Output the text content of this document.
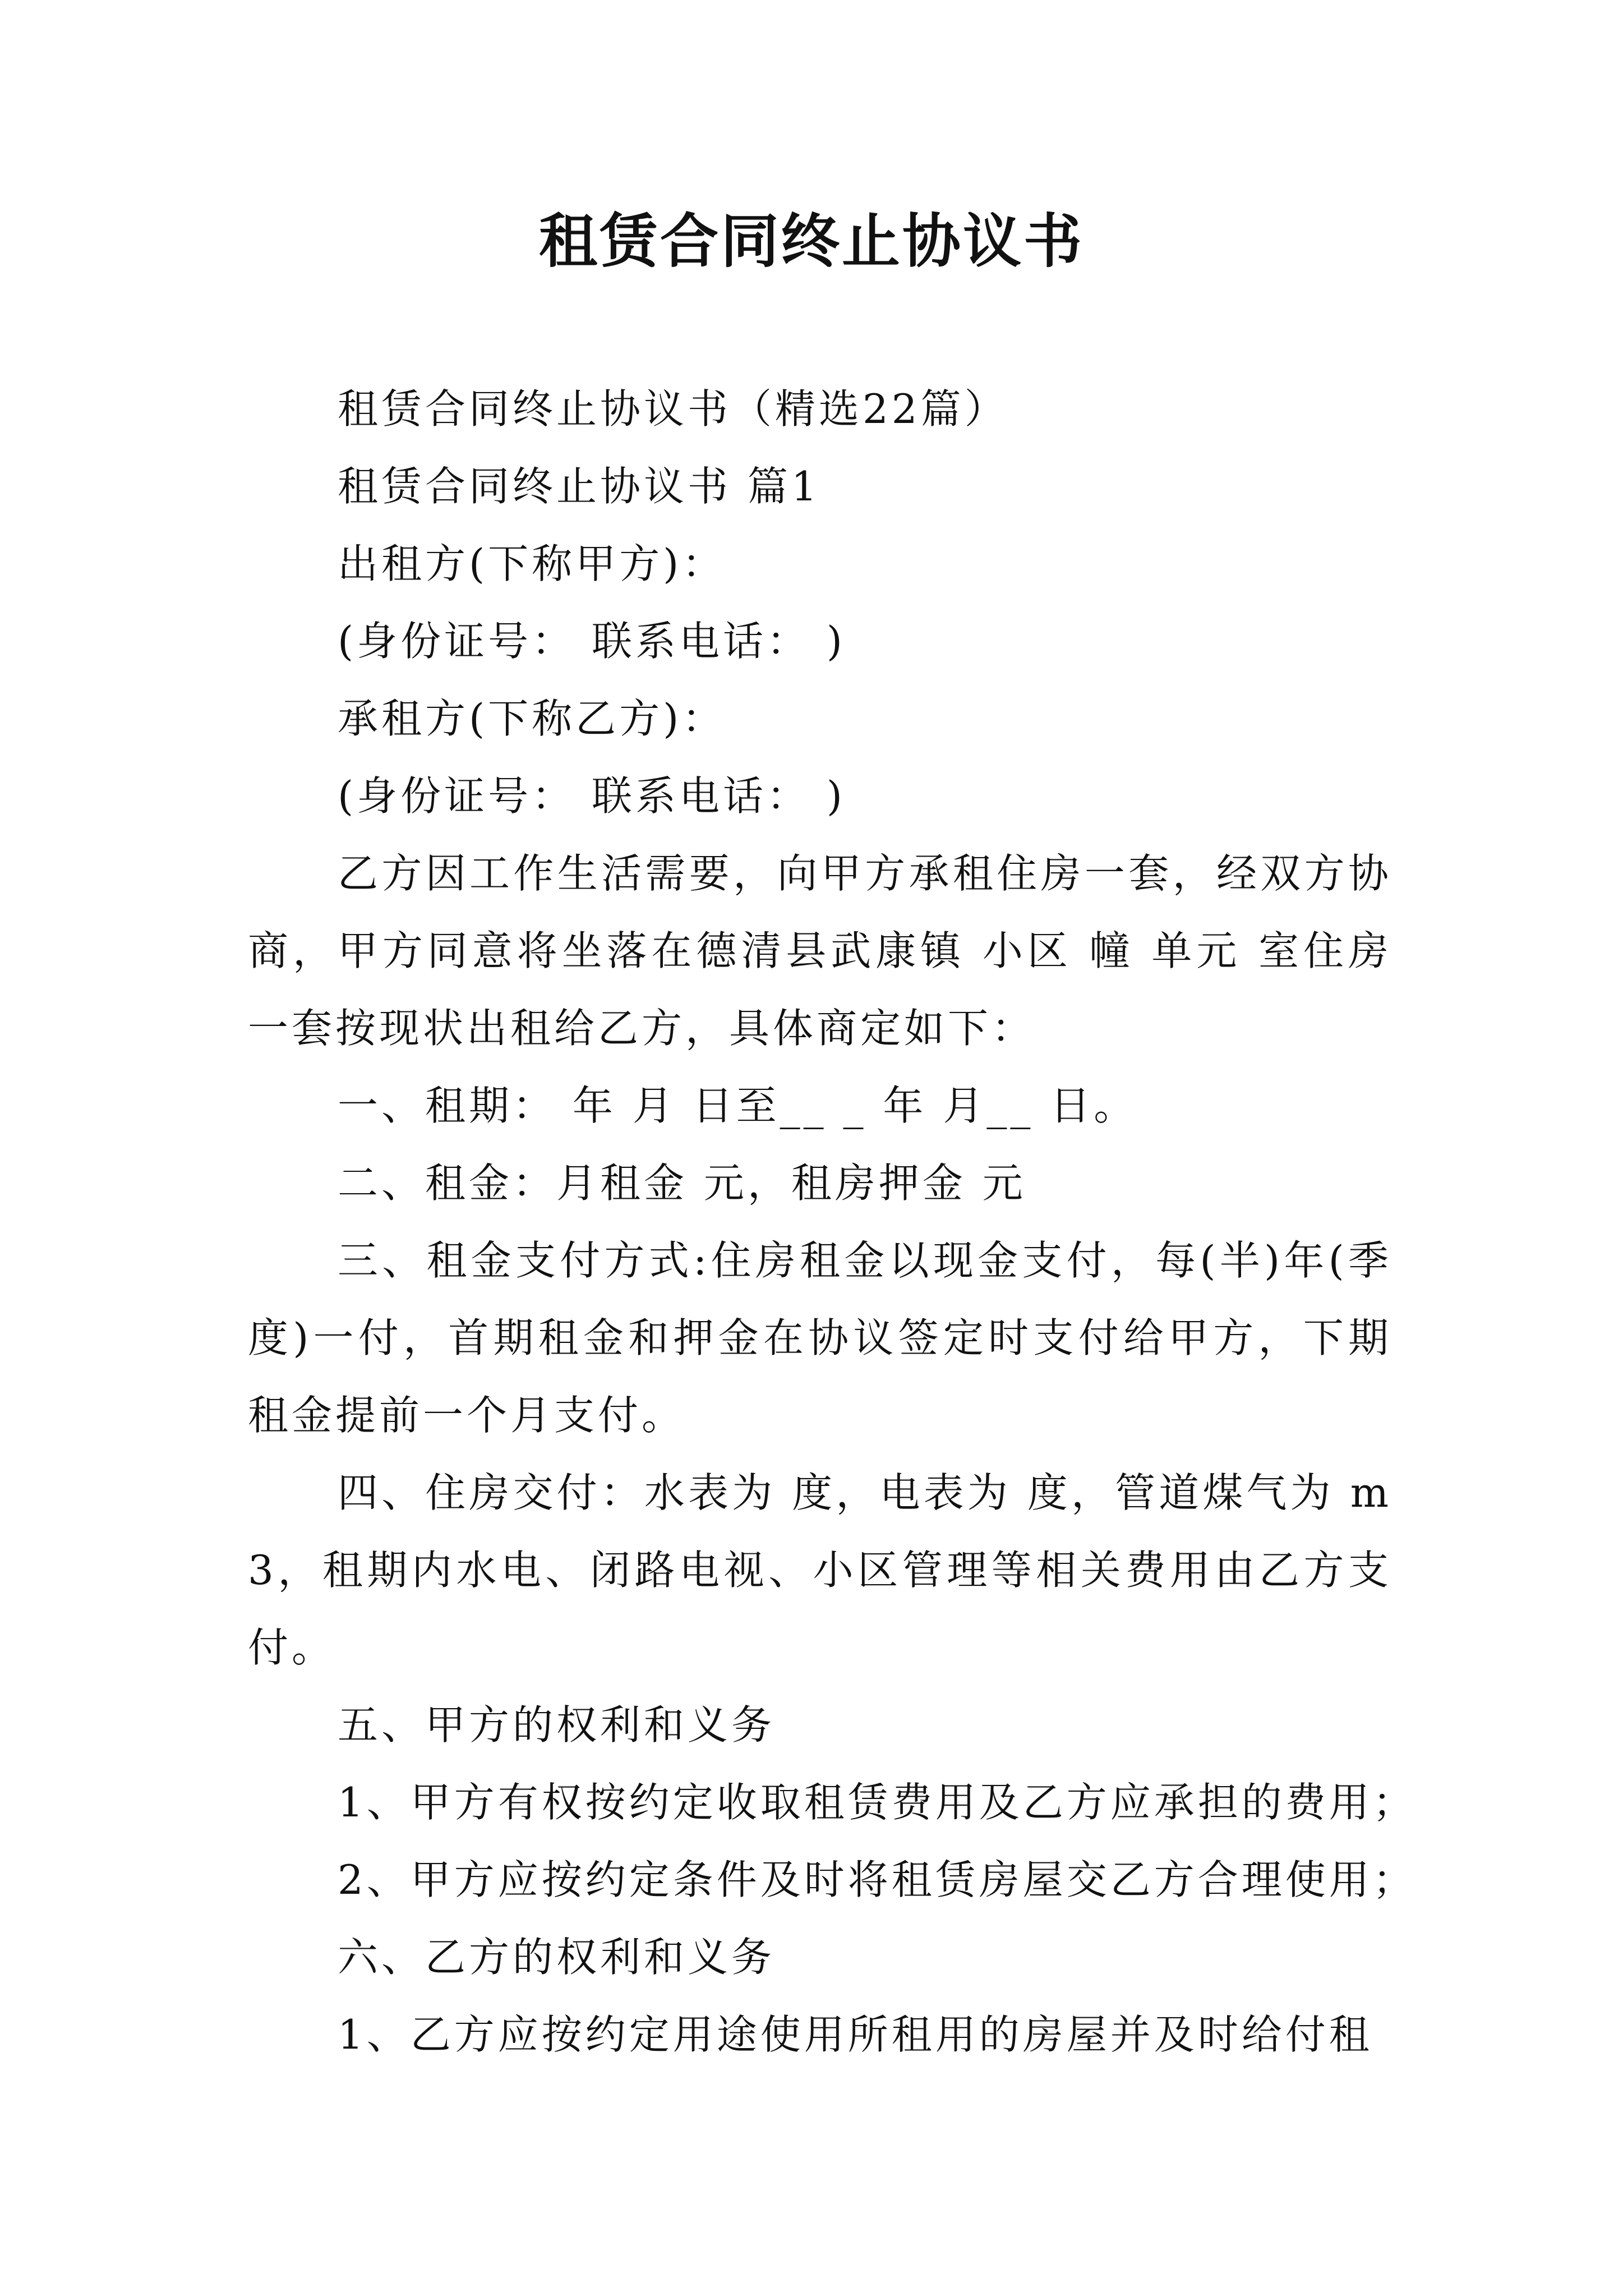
租赁合同终止协议书

租赁合同终止协议书（精选22篇）

租赁合同终止协议书 篇1

出租方(下称甲方)：

(身份证号： 联系电话： )

承租方(下称乙方)：

(身份证号： 联系电话： )

乙方因工作生活需要，向甲方承租住房一套，经双方协商，甲方同意将坐落在德清县武康镇 小区 幢 单元 室住房一套按现状出租给乙方，具体商定如下：

一、租期： 年 月 日至__ _ 年 月__ 日。

二、租金：月租金 元，租房押金 元

三、租金支付方式:住房租金以现金支付，每(半)年(季度)一付，首期租金和押金在协议签定时支付给甲方，下期租金提前一个月支付。

四、住房交付：水表为 度，电表为 度，管道煤气为 m3，租期内水电、闭路电视、小区管理等相关费用由乙方支付。

五、甲方的权利和义务

1、甲方有权按约定收取租赁费用及乙方应承担的费用；

2、甲方应按约定条件及时将租赁房屋交乙方合理使用；

六、乙方的权利和义务

1、乙方应按约定用途使用所租用的房屋并及时给付租
